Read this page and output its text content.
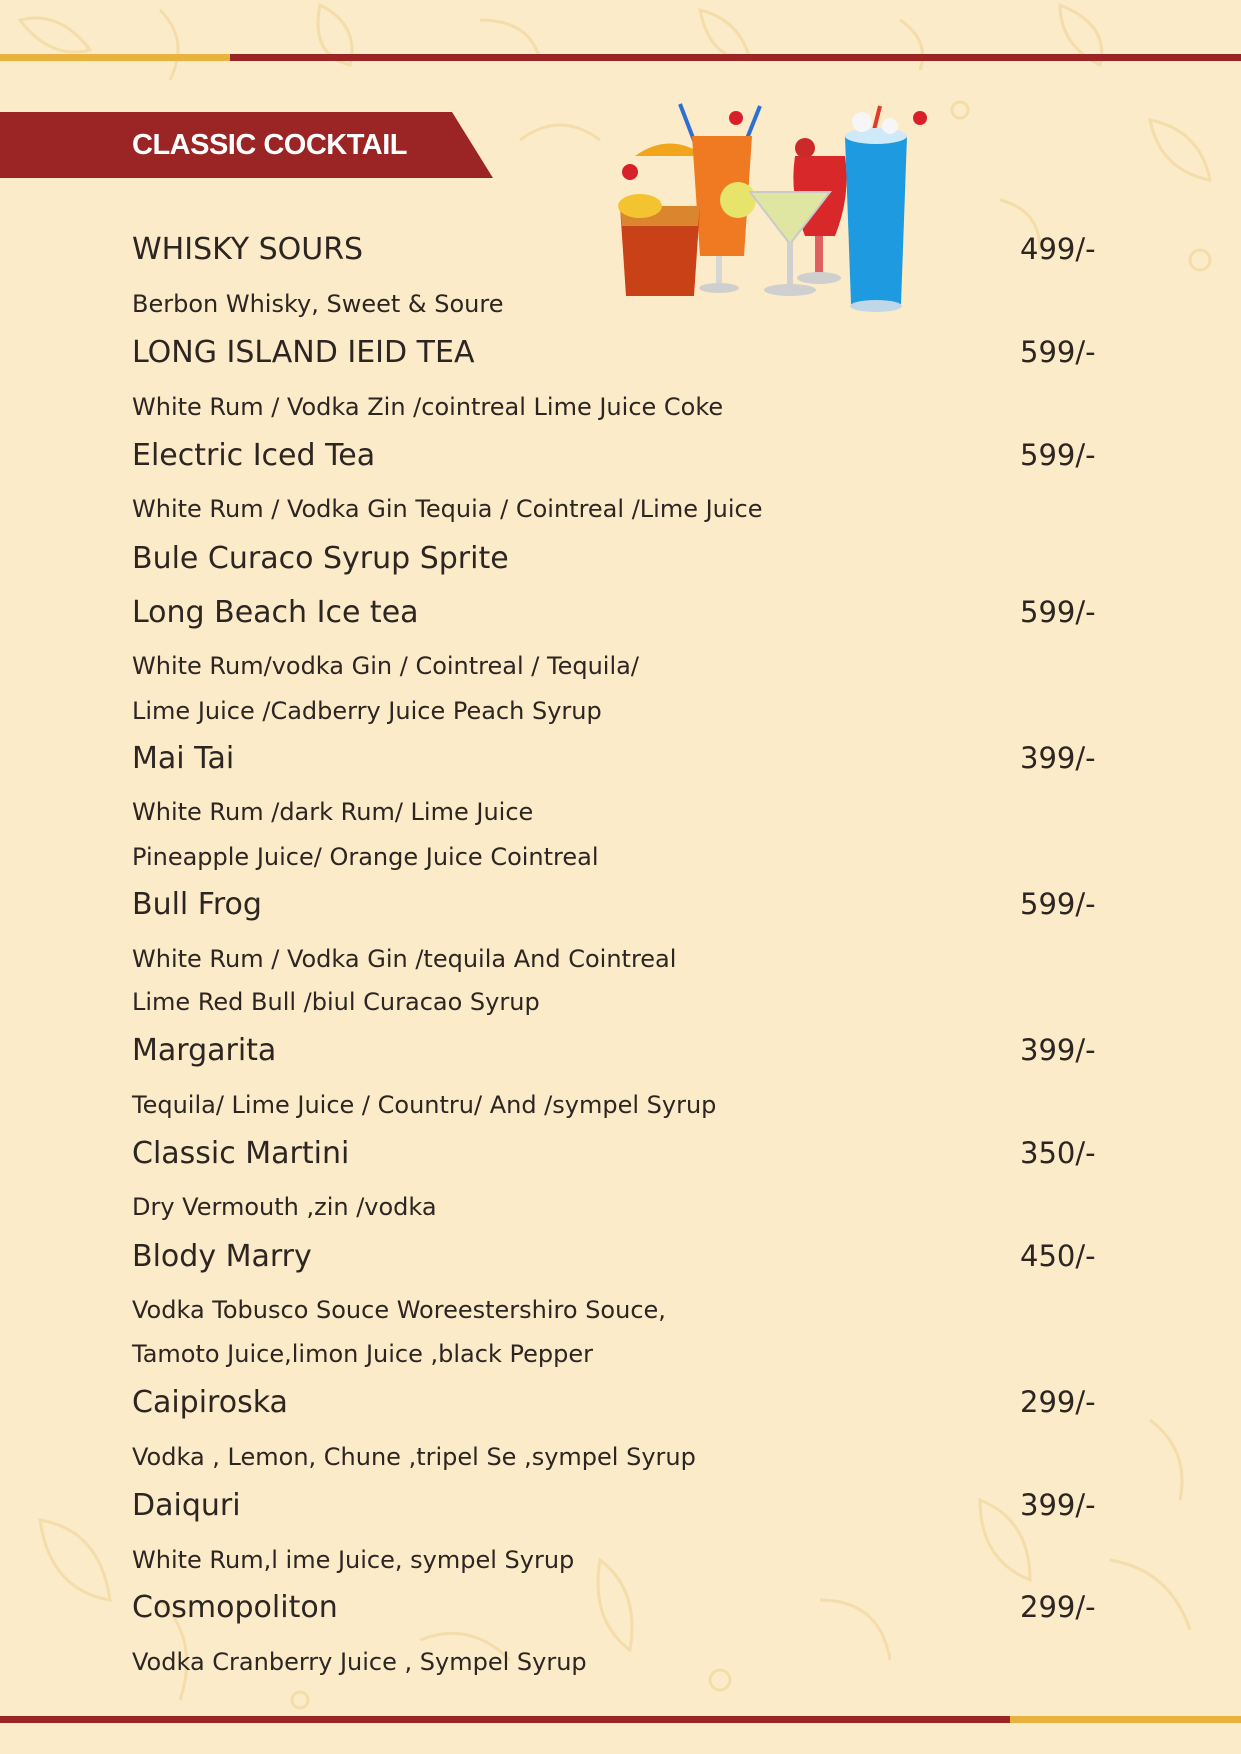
CLASSIC COCKTAIL
WHISKY SOURS	499/-
Berbon Whisky, Sweet & Soure
LONG ISLAND IEID TEA	599/-
White Rum / Vodka Zin /cointreal Lime Juice Coke
Electric Iced Tea	599/-
White Rum / Vodka Gin Tequia / Cointreal /Lime Juice
Bule Curaco Syrup Sprite
Long Beach Ice tea	599/-
White Rum/vodka Gin / Cointreal / Tequila/
Lime Juice /Cadberry Juice Peach Syrup
Mai Tai	399/-
White Rum /dark Rum/ Lime Juice
Pineapple Juice/ Orange Juice Cointreal
Bull Frog	599/-
White Rum / Vodka Gin /tequila And Cointreal
Lime Red Bull /biul Curacao Syrup
Margarita	399/-
Tequila/ Lime Juice / Countru/ And /sympel Syrup
Classic Martini	350/-
Dry Vermouth ,zin /vodka
Blody Marry	450/-
Vodka Tobusco Souce Woreestershiro Souce,
Tamoto Juice,limon Juice ,black Pepper
Caipiroska	299/-
Vodka , Lemon, Chune ,tripel Se ,sympel Syrup
Daiquri	399/-
White Rum,l ime Juice, sympel Syrup
Cosmopoliton	299/-
Vodka Cranberry Juice , Sympel Syrup
